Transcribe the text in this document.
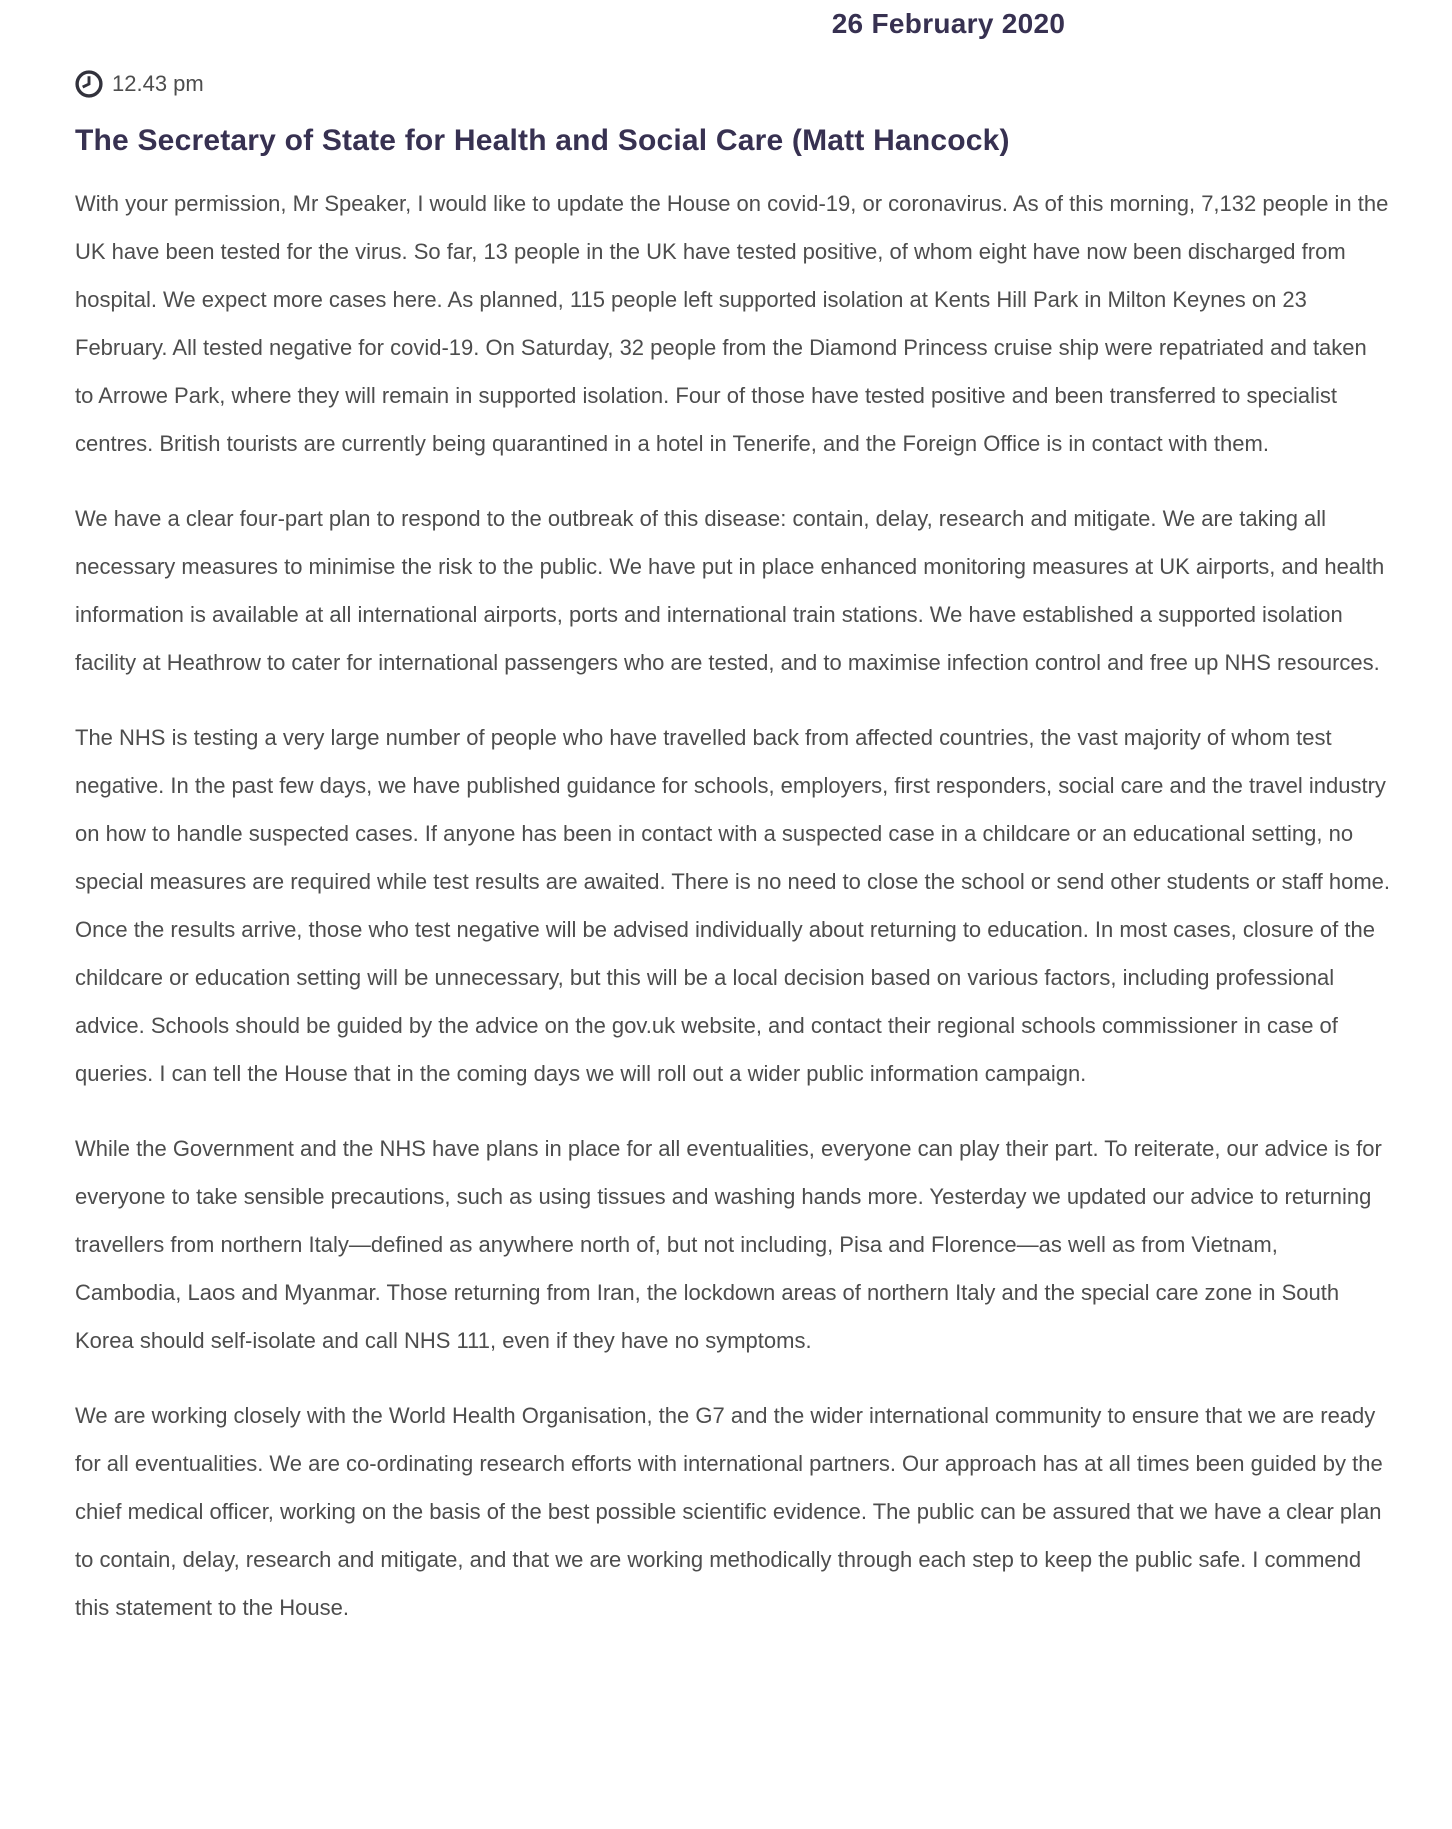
26 February 2020
12.43 pm
The Secretary of State for Health and Social Care (Matt Hancock)

With your permission, Mr Speaker, I would like to update the House on covid-19, or coronavirus. As of this morning, 7,132 people in the UK have been tested for the virus. So far, 13 people in the UK have tested positive, of whom eight have now been discharged from hospital. We expect more cases here. As planned, 115 people left supported isolation at Kents Hill Park in Milton Keynes on 23 February. All tested negative for covid-19. On Saturday, 32 people from the Diamond Princess cruise ship were repatriated and taken to Arrowe Park, where they will remain in supported isolation. Four of those have tested positive and been transferred to specialist centres. British tourists are currently being quarantined in a hotel in Tenerife, and the Foreign Office is in contact with them.

We have a clear four-part plan to respond to the outbreak of this disease: contain, delay, research and mitigate. We are taking all necessary measures to minimise the risk to the public. We have put in place enhanced monitoring measures at UK airports, and health information is available at all international airports, ports and international train stations. We have established a supported isolation facility at Heathrow to cater for international passengers who are tested, and to maximise infection control and free up NHS resources.

The NHS is testing a very large number of people who have travelled back from affected countries, the vast majority of whom test negative. In the past few days, we have published guidance for schools, employers, first responders, social care and the travel industry on how to handle suspected cases. If anyone has been in contact with a suspected case in a childcare or an educational setting, no special measures are required while test results are awaited. There is no need to close the school or send other students or staff home. Once the results arrive, those who test negative will be advised individually about returning to education. In most cases, closure of the childcare or education setting will be unnecessary, but this will be a local decision based on various factors, including professional advice. Schools should be guided by the advice on the gov.uk website, and contact their regional schools commissioner in case of queries. I can tell the House that in the coming days we will roll out a wider public information campaign.

While the Government and the NHS have plans in place for all eventualities, everyone can play their part. To reiterate, our advice is for everyone to take sensible precautions, such as using tissues and washing hands more. Yesterday we updated our advice to returning travellers from northern Italy—defined as anywhere north of, but not including, Pisa and Florence—as well as from Vietnam, Cambodia, Laos and Myanmar. Those returning from Iran, the lockdown areas of northern Italy and the special care zone in South Korea should self-isolate and call NHS 111, even if they have no symptoms.

We are working closely with the World Health Organisation, the G7 and the wider international community to ensure that we are ready for all eventualities. We are co-ordinating research efforts with international partners. Our approach has at all times been guided by the chief medical officer, working on the basis of the best possible scientific evidence. The public can be assured that we have a clear plan to contain, delay, research and mitigate, and that we are working methodically through each step to keep the public safe. I commend this statement to the House.
